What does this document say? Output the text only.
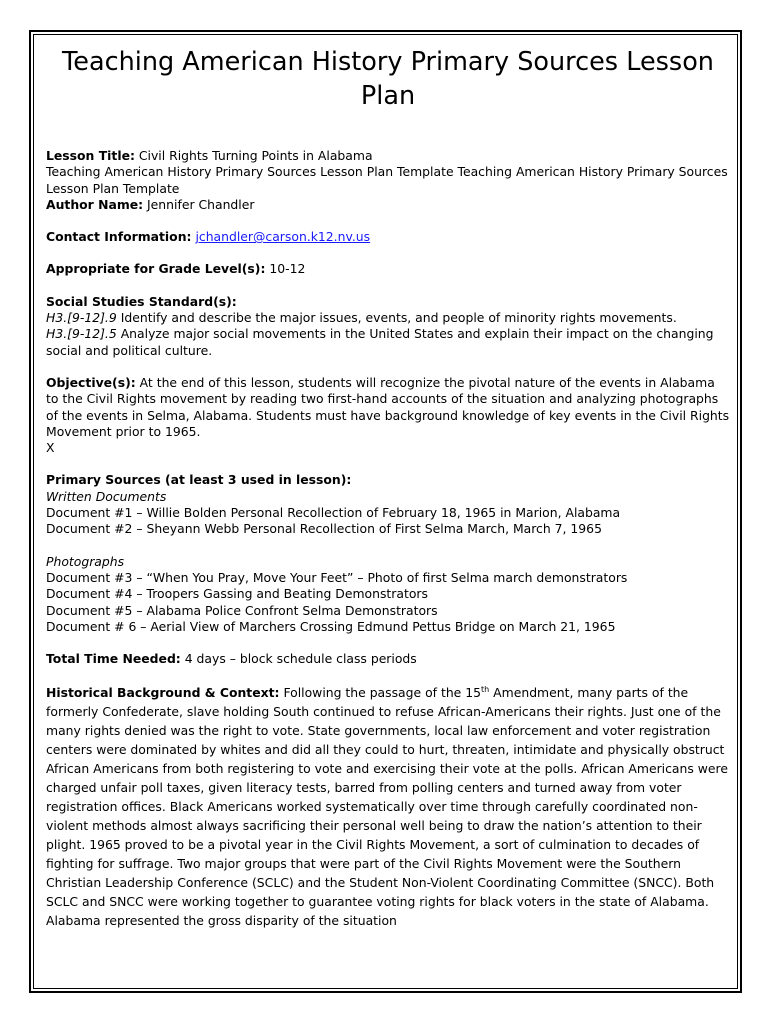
Teaching American History Primary Sources Lesson Plan

Lesson Title: Civil Rights Turning Points in Alabama
Teaching American History Primary Sources Lesson Plan Template Teaching American History Primary Sources Lesson Plan Template
Author Name: Jennifer Chandler

Contact Information: jchandler@carson.k12.nv.us

Appropriate for Grade Level(s): 10-12

Social Studies Standard(s):
H3.[9-12].9 Identify and describe the major issues, events, and people of minority rights movements.
H3.[9-12].5 Analyze major social movements in the United States and explain their impact on the changing social and political culture.

Objective(s): At the end of this lesson, students will recognize the pivotal nature of the events in Alabama to the Civil Rights movement by reading two first-hand accounts of the situation and analyzing photographs of the events in Selma, Alabama. Students must have background knowledge of key events in the Civil Rights Movement prior to 1965.
X

Primary Sources (at least 3 used in lesson):
Written Documents
Document #1 – Willie Bolden Personal Recollection of February 18, 1965 in Marion, Alabama
Document #2 – Sheyann Webb Personal Recollection of First Selma March, March 7, 1965

Photographs
Document #3 – “When You Pray, Move Your Feet” – Photo of first Selma march demonstrators
Document #4 – Troopers Gassing and Beating Demonstrators
Document #5 – Alabama Police Confront Selma Demonstrators
Document # 6 – Aerial View of Marchers Crossing Edmund Pettus Bridge on March 21, 1965

Total Time Needed: 4 days – block schedule class periods

Historical Background & Context: Following the passage of the 15th Amendment, many parts of the formerly Confederate, slave holding South continued to refuse African-Americans their rights. Just one of the many rights denied was the right to vote. State governments, local law enforcement and voter registration centers were dominated by whites and did all they could to hurt, threaten, intimidate and physically obstruct African Americans from both registering to vote and exercising their vote at the polls. African Americans were charged unfair poll taxes, given literacy tests, barred from polling centers and turned away from voter registration offices. Black Americans worked systematically over time through carefully coordinated non-violent methods almost always sacrificing their personal well being to draw the nation’s attention to their plight. 1965 proved to be a pivotal year in the Civil Rights Movement, a sort of culmination to decades of fighting for suffrage. Two major groups that were part of the Civil Rights Movement were the Southern Christian Leadership Conference (SCLC) and the Student Non-Violent Coordinating Committee (SNCC). Both SCLC and SNCC were working together to guarantee voting rights for black voters in the state of Alabama. Alabama represented the gross disparity of the situation
